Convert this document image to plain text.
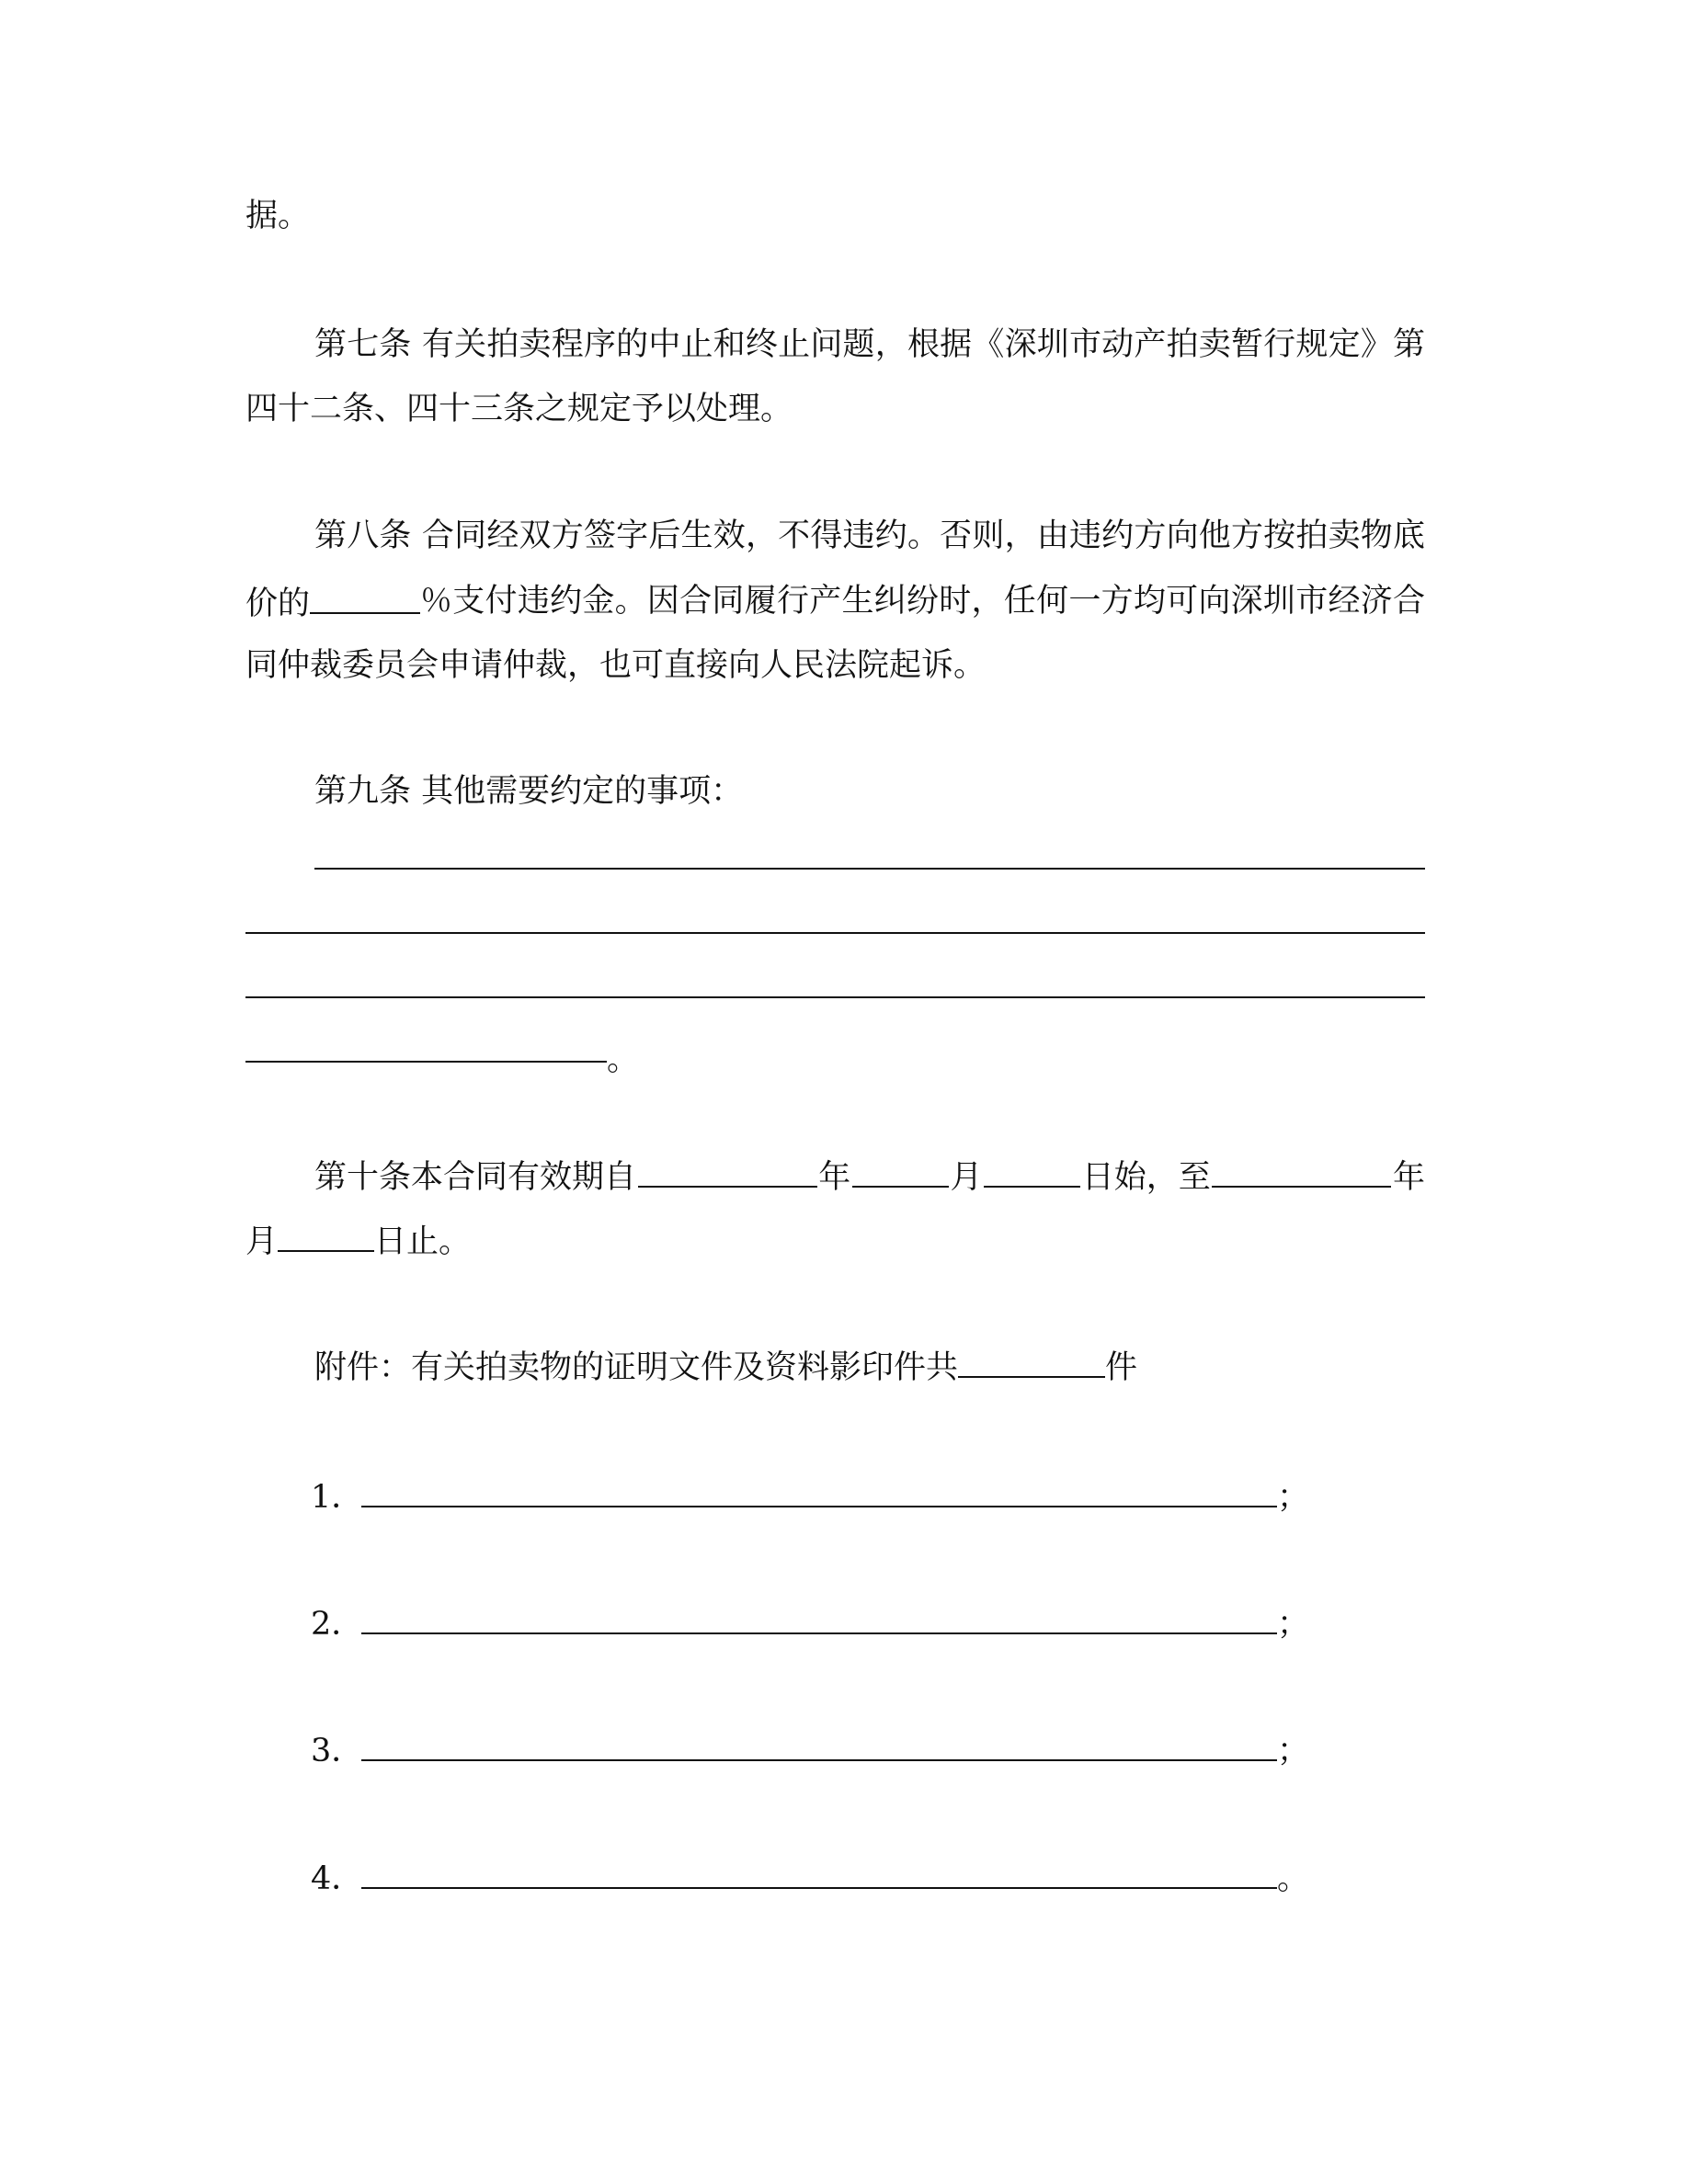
据。
第七条 有关拍卖程序的中止和终止问题，根据《深圳市动产拍卖暂行规定》第
四十二条、四十三条之规定予以处理。
第八条 合同经双方签字后生效，不得违约。否则，由违约方向他方按拍卖物底
价的	％支付违约金。因合同履行产生纠纷时，任何一方均可向深圳市经济合
同仲裁委员会申请仲裁，也可直接向人民法院起诉。
第九条 其他需要约定的事项：
。
第十条本合同有效期自	年	月	日始，至	年
月	日止。
附件：有关拍卖物的证明文件及资料影印件共	件
1．	；
2．	；
3．	；
4．	。
